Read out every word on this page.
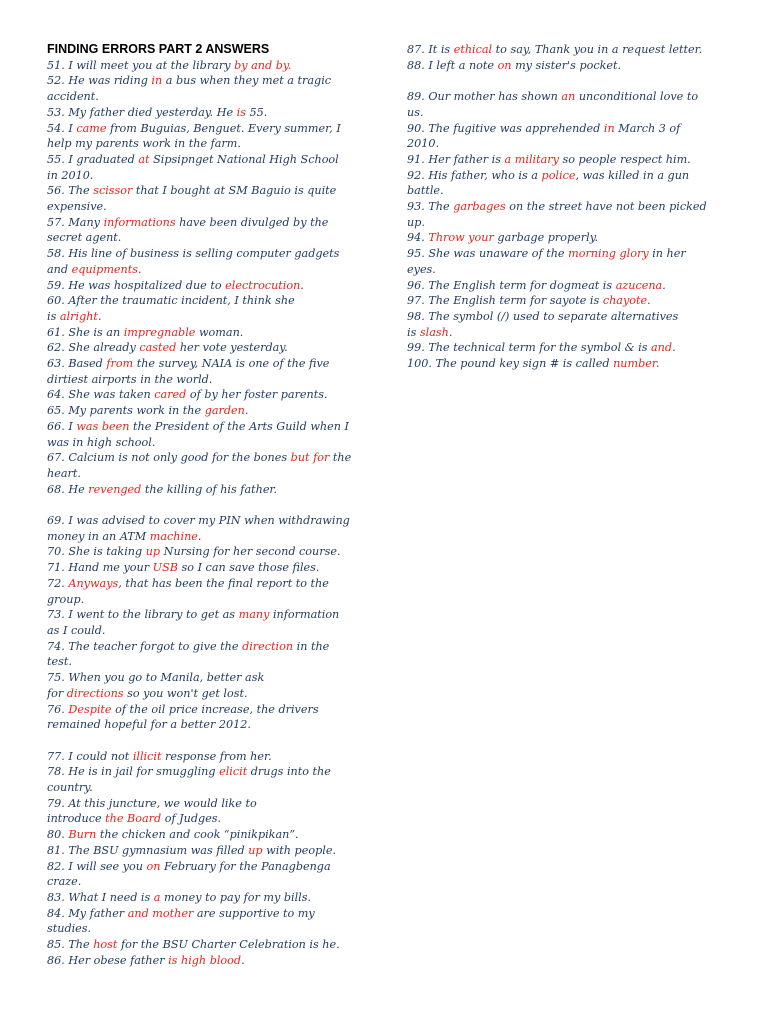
FINDING ERRORS PART 2 ANSWERS
51. I will meet you at the library by and by.
52. He was riding in a bus when they met a tragic
accident.
53. My father died yesterday. He is 55.
54. I came from Buguias, Benguet. Every summer, I
help my parents work in the farm.
55. I graduated at Sipsipnget National High School
in 2010.
56. The scissor that I bought at SM Baguio is quite
expensive.
57. Many informations have been divulged by the
secret agent.
58. His line of business is selling computer gadgets
and equipments.
59. He was hospitalized due to electrocution.
60. After the traumatic incident, I think she
is alright.
61. She is an impregnable woman.
62. She already casted her vote yesterday.
63. Based from the survey, NAIA is one of the five
dirtiest airports in the world.
64. She was taken cared of by her foster parents.
65. My parents work in the garden.
66. I was been the President of the Arts Guild when I
was in high school.
67. Calcium is not only good for the bones but for the
heart.
68. He revenged the killing of his father.
69. I was advised to cover my PIN when withdrawing
money in an ATM machine.
70. She is taking up Nursing for her second course.
71. Hand me your USB so I can save those files.
72. Anyways, that has been the final report to the
group.
73. I went to the library to get as many information
as I could.
74. The teacher forgot to give the direction in the
test.
75. When you go to Manila, better ask
for directions so you won't get lost.
76. Despite of the oil price increase, the drivers
remained hopeful for a better 2012.
77. I could not illicit response from her.
78. He is in jail for smuggling elicit drugs into the
country.
79. At this juncture, we would like to
introduce the Board of Judges.
80. Burn the chicken and cook “pinikpikan”.
81. The BSU gymnasium was filled up with people.
82. I will see you on February for the Panagbenga
craze.
83. What I need is a money to pay for my bills.
84. My father and mother are supportive to my
studies.
85. The host for the BSU Charter Celebration is he.
86. Her obese father is high blood.
87. It is ethical to say, Thank you in a request letter.
88. I left a note on my sister's pocket.
89. Our mother has shown an unconditional love to
us.
90. The fugitive was apprehended in March 3 of
2010.
91. Her father is a military so people respect him.
92. His father, who is a police, was killed in a gun
battle.
93. The garbages on the street have not been picked
up.
94. Throw your garbage properly.
95. She was unaware of the morning glory in her
eyes.
96. The English term for dogmeat is azucena.
97. The English term for sayote is chayote.
98. The symbol (/) used to separate alternatives
is slash.
99. The technical term for the symbol & is and.
100. The pound key sign # is called number.
